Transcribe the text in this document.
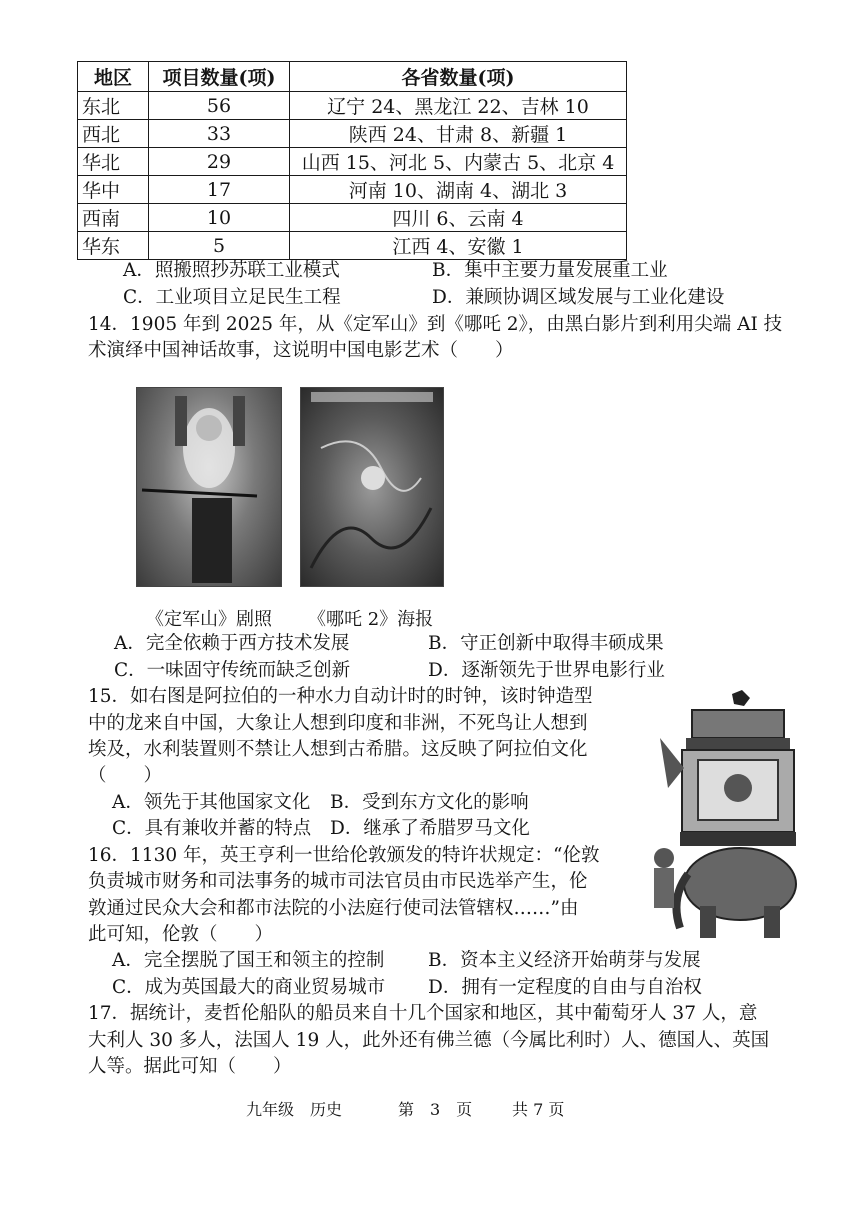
地区	项目数量(项)	各省数量(项)
东北	56	辽宁 24、黑龙江 22、吉林 10
西北	33	陕西 24、甘肃 8、新疆 1
华北	29	山西 15、河北 5、内蒙古 5、北京 4
华中	17	河南 10、湖南 4、湖北 3
西南	10	四川 6、云南 4
华东	5	江西 4、安徽 1
A．照搬照抄苏联工业模式	B．集中主要力量发展重工业
C．工业项目立足民生工程	D．兼顾协调区域发展与工业化建设
14．1905 年到 2025 年，从《定军山》到《哪吒 2》，由黑白影片到利用尖端 AI 技
术演绎中国神话故事，这说明中国电影艺术（　　）
《定军山》剧照 《哪吒 2》海报
A．完全依赖于西方技术发展	B．守正创新中取得丰硕成果
C．一味固守传统而缺乏创新	D．逐渐领先于世界电影行业
15．如右图是阿拉伯的一种水力自动计时的时钟，该时钟造型
中的龙来自中国，大象让人想到印度和非洲，不死鸟让人想到
埃及，水利装置则不禁让人想到古希腊。这反映了阿拉伯文化
（　　）
A．领先于其他国家文化 B．受到东方文化的影响
C．具有兼收并蓄的特点 D．继承了希腊罗马文化
16．1130 年，英王亨利一世给伦敦颁发的特许状规定：“伦敦
负责城市财务和司法事务的城市司法官员由市民选举产生，伦
敦通过民众大会和都市法院的小法庭行使司法管辖权……”由
此可知，伦敦（　　）
A．完全摆脱了国王和领主的控制 B．资本主义经济开始萌芽与发展
C．成为英国最大的商业贸易城市 D．拥有一定程度的自由与自治权
17．据统计，麦哲伦船队的船员来自十几个国家和地区，其中葡萄牙人 37 人，意
大利人 30 多人，法国人 19 人，此外还有佛兰德（今属比利时）人、德国人、英国
人等。据此可知（　　）
九年级　历史	第　3　页 共 7 页
